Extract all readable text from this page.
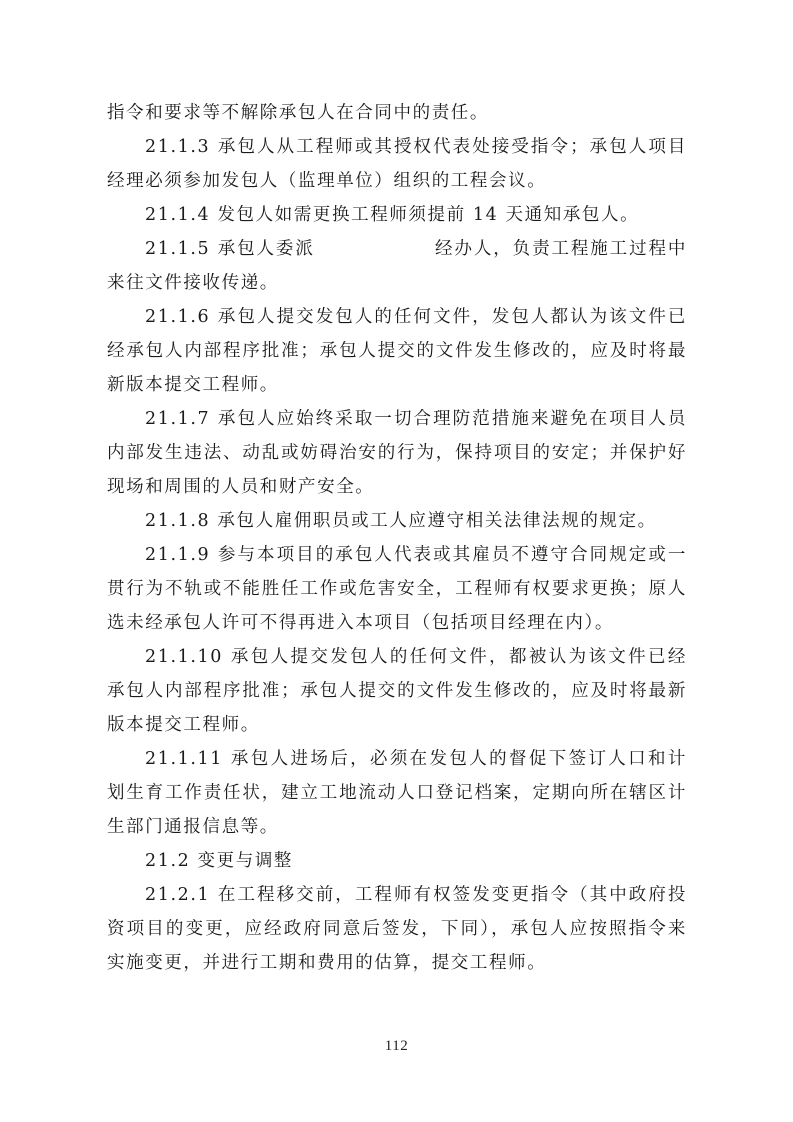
指令和要求等不解除承包人在合同中的责任。

21.1.3 承包人从工程师或其授权代表处接受指令；承包人项目经理必须参加发包人（监理单位）组织的工程会议。

21.1.4 发包人如需更换工程师须提前 14 天通知承包人。

21.1.5 承包人委派	经办人，负责工程施工过程中来往文件接收传递。

21.1.6 承包人提交发包人的任何文件，发包人都认为该文件已经承包人内部程序批准；承包人提交的文件发生修改的，应及时将最新版本提交工程师。

21.1.7 承包人应始终采取一切合理防范措施来避免在项目人员内部发生违法、动乱或妨碍治安的行为，保持项目的安定；并保护好现场和周围的人员和财产安全。

21.1.8 承包人雇佣职员或工人应遵守相关法律法规的规定。

21.1.9 参与本项目的承包人代表或其雇员不遵守合同规定或一贯行为不轨或不能胜任工作或危害安全，工程师有权要求更换；原人选未经承包人许可不得再进入本项目（包括项目经理在内）。

21.1.10 承包人提交发包人的任何文件，都被认为该文件已经承包人内部程序批准；承包人提交的文件发生修改的，应及时将最新版本提交工程师。

21.1.11 承包人进场后，必须在发包人的督促下签订人口和计划生育工作责任状，建立工地流动人口登记档案，定期向所在辖区计生部门通报信息等。

21.2 变更与调整

21.2.1 在工程移交前，工程师有权签发变更指令（其中政府投资项目的变更，应经政府同意后签发，下同），承包人应按照指令来实施变更，并进行工期和费用的估算，提交工程师。

112
